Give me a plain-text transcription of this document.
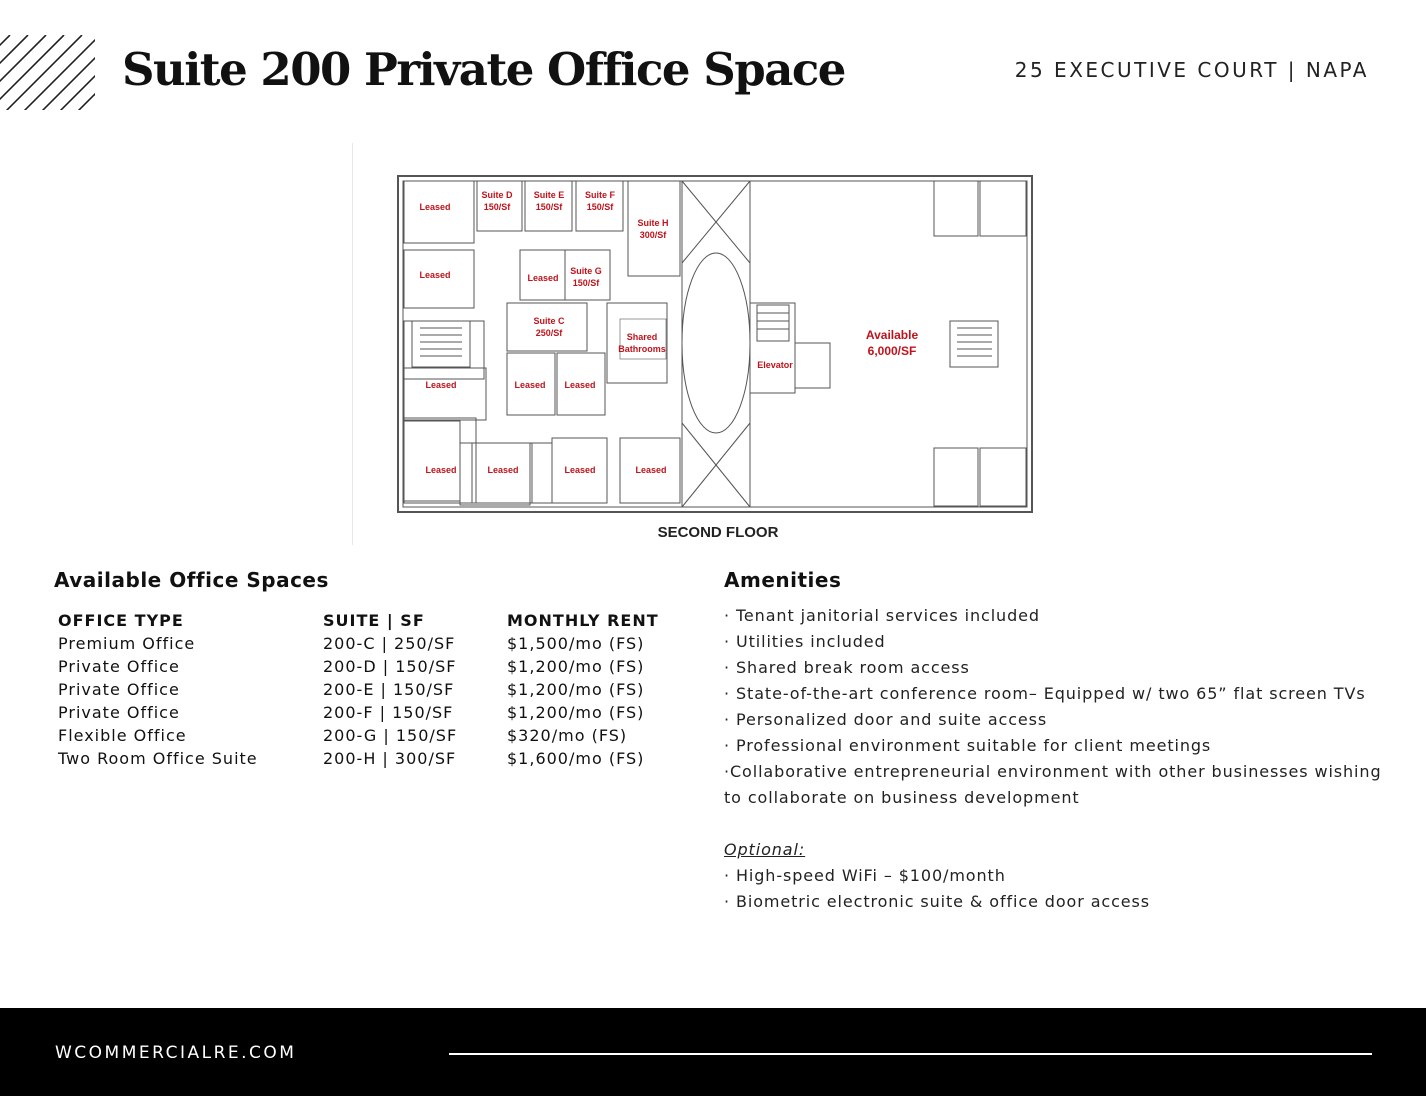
Suite 200 Private Office Space	25 EXECUTIVE COURT | NAPA
Leased
Leased
Suite D
150/Sf
Suite E
150/Sf
Suite F
150/Sf
Suite H
300/Sf
Leased
Suite G
150/Sf
Suite C
250/Sf	Shared
Bathrooms
Elevator
Available
6,000/SF
Leased	Leased Leased
Leased	Leased	Leased	Leased
SECOND FLOOR
Available Office Spaces
OFFICE TYPE	SUITE | SF	MONTHLY RENT
Premium Office	200-C | 250/SF	$1,500/mo (FS)
Private Office	200-D | 150/SF	$1,200/mo (FS)
Private Office	200-E | 150/SF	$1,200/mo (FS)
Private Office	200-F | 150/SF	$1,200/mo (FS)
Flexible Office	200-G | 150/SF	$320/mo (FS)
Two Room Office Suite	200-H | 300/SF	$1,600/mo (FS)
Amenities
· Tenant janitorial services included
· Utilities included
· Shared break room access
· State-of-the-art conference room– Equipped w/ two 65” flat screen TVs
· Personalized door and suite access
· Professional environment suitable for client meetings
·Collaborative entrepreneurial environment with other businesses wishing to collaborate on business development
Optional:
· High-speed WiFi – $100/month
· Biometric electronic suite & office door access
WCOMMERCIALRE.COM
